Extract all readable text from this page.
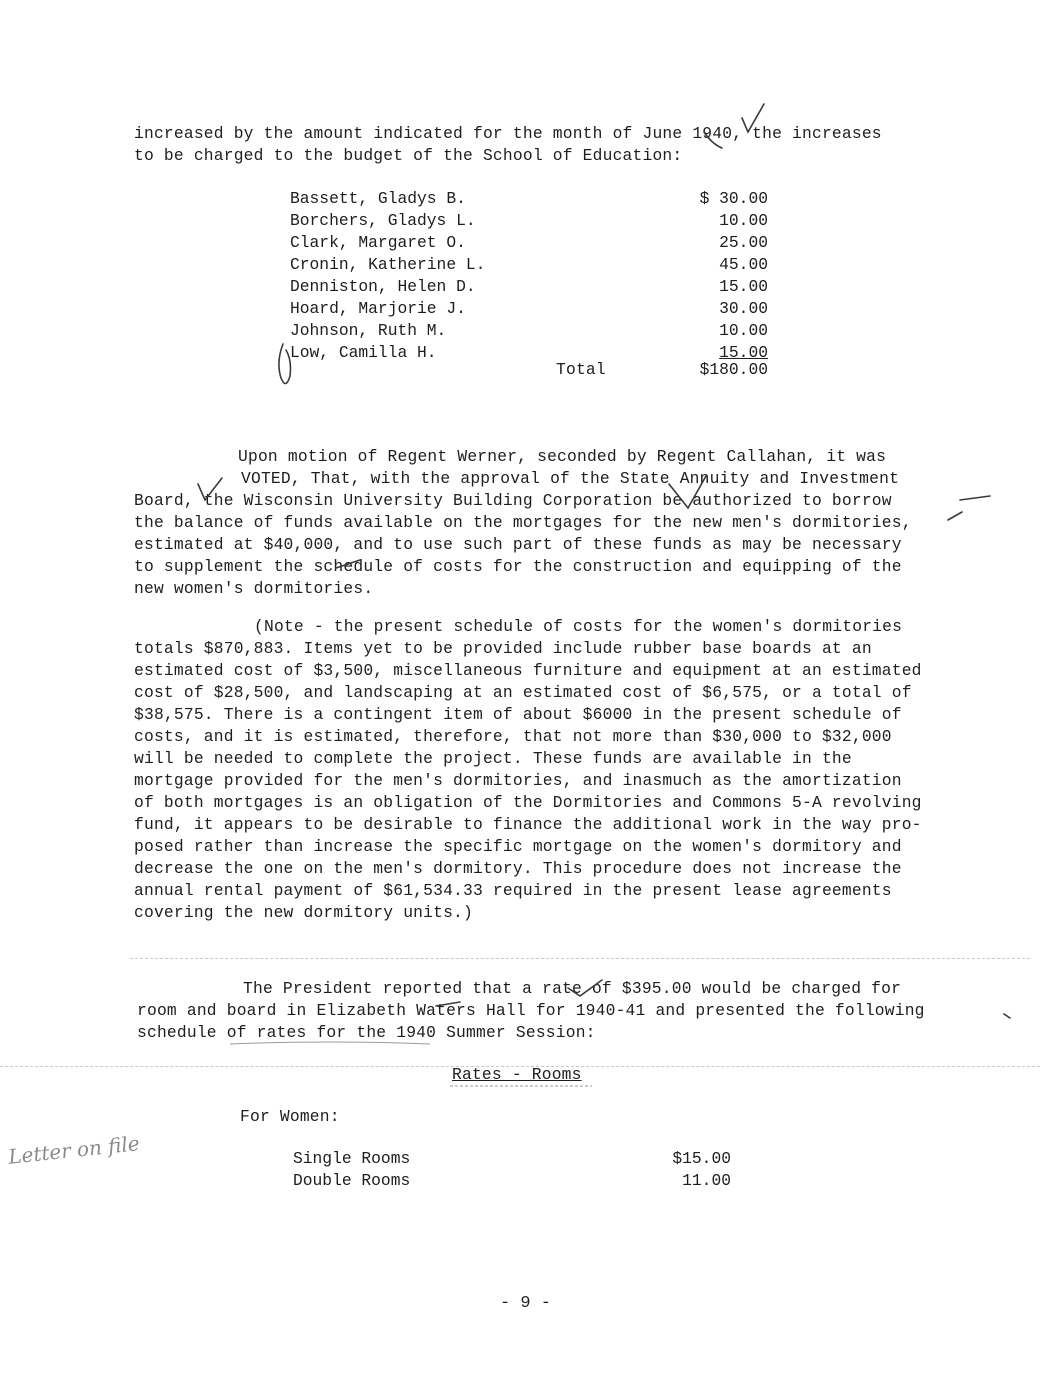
increased by the amount indicated for the month of June 1940, the increases
to be charged to the budget of the School of Education:
Bassett, Gladys B.	$ 30.00
Borchers, Gladys L.	10.00
Clark, Margaret O.	25.00
Cronin, Katherine L.	45.00
Denniston, Helen D.	15.00
Hoard, Marjorie J.	30.00
Johnson, Ruth M.	10.00
Low, Camilla H.	15.00
Total	$180.00
Upon motion of Regent Werner, seconded by Regent Callahan, it was
VOTED, That, with the approval of the State Annuity and Investment
Board, the Wisconsin University Building Corporation be authorized to borrow
the balance of funds available on the mortgages for the new men's dormitories,
estimated at $40,000, and to use such part of these funds as may be necessary
to supplement the schedule of costs for the construction and equipping of the
new women's dormitories.
(Note - the present schedule of costs for the women's dormitories
totals $870,883. Items yet to be provided include rubber base boards at an
estimated cost of $3,500, miscellaneous furniture and equipment at an estimated
cost of $28,500, and landscaping at an estimated cost of $6,575, or a total of
$38,575. There is a contingent item of about $6000 in the present schedule of
costs, and it is estimated, therefore, that not more than $30,000 to $32,000
will be needed to complete the project. These funds are available in the
mortgage provided for the men's dormitories, and inasmuch as the amortization
of both mortgages is an obligation of the Dormitories and Commons 5-A revolving
fund, it appears to be desirable to finance the additional work in the way pro-
posed rather than increase the specific mortgage on the women's dormitory and
decrease the one on the men's dormitory. This procedure does not increase the
annual rental payment of $61,534.33 required in the present lease agreements
covering the new dormitory units.)
The President reported that a rate of $395.00 would be charged for
room and board in Elizabeth Waters Hall for 1940-41 and presented the following
schedule of rates for the 1940 Summer Session:
Rates - Rooms
For Women:
Single Rooms	$15.00
Double Rooms	11.00
Letter on file
- 9 -
